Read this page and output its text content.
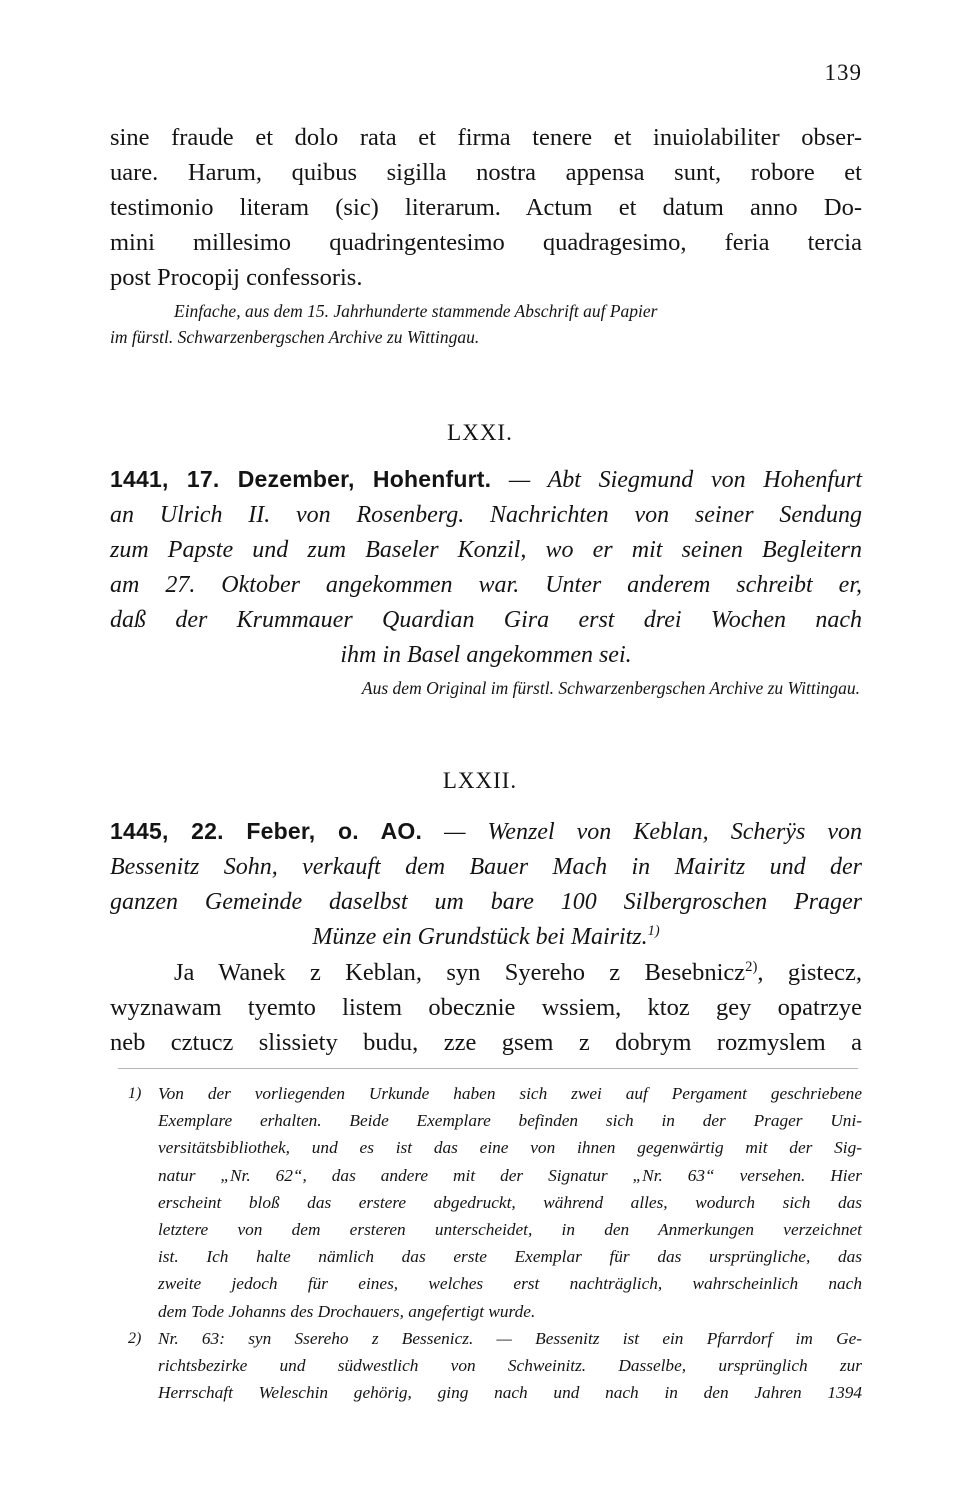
139
sine fraude et dolo rata et firma tenere et inuiolabiliter obser-
uare. Harum, quibus sigilla nostra appensa sunt, robore et
testimonio literam (sic) literarum. Actum et datum anno Do-
mini millesimo quadringentesimo quadragesimo, feria tercia
post Procopij confessoris.
Einfache, aus dem 15. Jahrhunderte stammende Abschrift auf Papier
im fürstl. Schwarzenbergschen Archive zu Wittingau.
LXXI.
1441, 17. Dezember, Hohenfurt. — Abt Siegmund von Hohenfurt
an Ulrich II. von Rosenberg. Nachrichten von seiner Sendung
zum Papste und zum Baseler Konzil, wo er mit seinen Begleitern
am 27. Oktober angekommen war. Unter anderem schreibt er,
daß der Krummauer Quardian Gira erst drei Wochen nach
ihm in Basel angekommen sei.
Aus dem Original im fürstl. Schwarzenbergschen Archive zu Wittingau.
LXXII.
1445, 22. Feber, o. AO. — Wenzel von Keblan, Scherÿs von
Bessenitz Sohn, verkauft dem Bauer Mach in Mairitz und der
ganzen Gemeinde daselbst um bare 100 Silbergroschen Prager
Münze ein Grundstück bei Mairitz.$^{1)}$
Ja Wanek z Keblan, syn Syereho z Besebnicz$^{2)}$, gistecz,
wyznawam tyemto listem obecznie wssiem, ktoz gey opatrzye
neb cztucz slissiety budu, zze gsem z dobrym rozmyslem a
1) Von der vorliegenden Urkunde haben sich zwei auf Pergament geschriebene
Exemplare erhalten. Beide Exemplare befinden sich in der Prager Uni-
versitätsbibliothek, und es ist das eine von ihnen gegenwärtig mit der Sig-
natur „Nr. 62“, das andere mit der Signatur „Nr. 63“ versehen. Hier
erscheint bloß das erstere abgedruckt, während alles, wodurch sich das
letztere von dem ersteren unterscheidet, in den Anmerkungen verzeichnet
ist. Ich halte nämlich das erste Exemplar für das ursprüngliche, das
zweite jedoch für eines, welches erst nachträglich, wahrscheinlich nach
dem Tode Johanns des Drochauers, angefertigt wurde.
2) Nr. 63: syn Ssereho z Bessenicz. — Bessenitz ist ein Pfarrdorf im Ge-
richtsbezirke und südwestlich von Schweinitz. Dasselbe, ursprünglich zur
Herrschaft Weleschin gehörig, ging nach und nach in den Jahren 1394
